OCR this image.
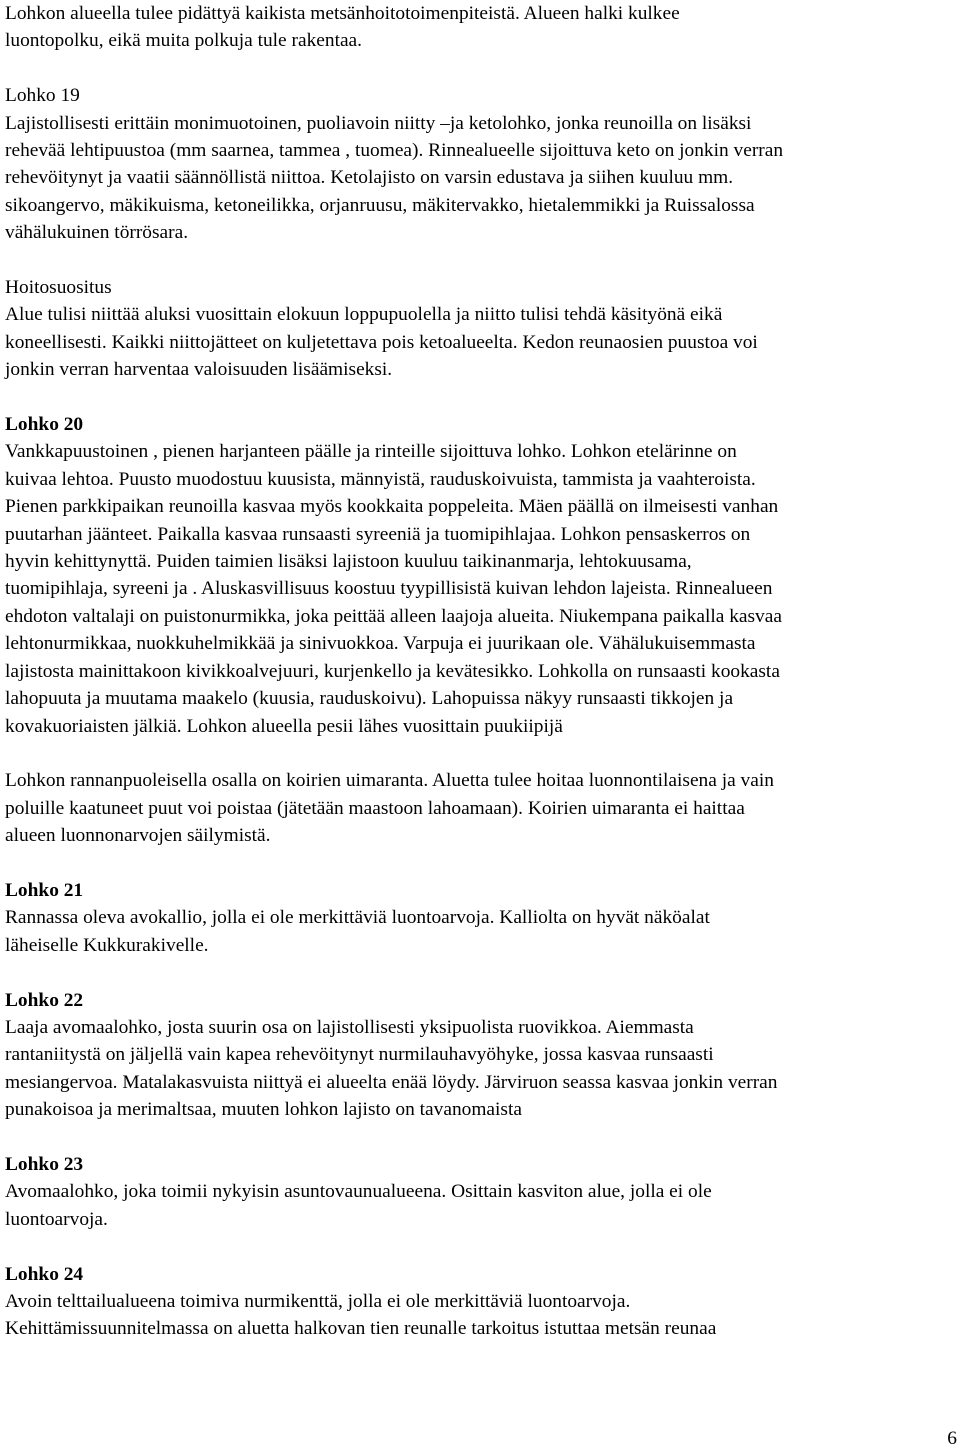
Lohkon alueella tulee pidättyä kaikista metsänhoitotoimenpiteistä. Alueen halki kulkee
luontopolku, eikä muita polkuja tule rakentaa.
Lohko 19
Lajistollisesti erittäin monimuotoinen, puoliavoin niitty –ja ketolohko, jonka reunoilla on lisäksi
rehevää lehtipuustoa (mm saarnea, tammea , tuomea). Rinnealueelle sijoittuva keto on jonkin verran
rehevöitynyt ja vaatii säännöllistä niittoa. Ketolajisto on varsin edustava ja siihen kuuluu mm.
sikoangervo, mäkikuisma, ketoneilikka, orjanruusu, mäkitervakko, hietalemmikki ja Ruissalossa
vähälukuinen törrösara.
Hoitosuositus
Alue tulisi niittää aluksi vuosittain elokuun loppupuolella ja niitto tulisi tehdä käsityönä eikä
koneellisesti. Kaikki niittojätteet on kuljetettava pois ketoalueelta. Kedon reunaosien puustoa voi
jonkin verran harventaa valoisuuden lisäämiseksi.
Lohko 20
Vankkapuustoinen , pienen harjanteen päälle ja rinteille sijoittuva lohko. Lohkon etelärinne on
kuivaa lehtoa. Puusto muodostuu kuusista, männyistä, rauduskoivuista, tammista ja vaahteroista.
Pienen parkkipaikan reunoilla kasvaa myös kookkaita poppeleita. Mäen päällä on ilmeisesti vanhan
puutarhan jäänteet. Paikalla kasvaa runsaasti syreeniä ja tuomipihlajaa. Lohkon pensaskerros on
hyvin kehittynyttä. Puiden taimien lisäksi lajistoon kuuluu taikinanmarja, lehtokuusama,
tuomipihlaja, syreeni ja . Aluskasvillisuus koostuu tyypillisistä kuivan lehdon lajeista. Rinnealueen
ehdoton valtalaji on puistonurmikka, joka peittää alleen laajoja alueita. Niukempana paikalla kasvaa
lehtonurmikkaa, nuokkuhelmikkää ja sinivuokkoa. Varpuja ei juurikaan ole. Vähälukuisemmasta
lajistosta mainittakoon kivikkoalvejuuri, kurjenkello ja kevätesikko. Lohkolla on runsaasti kookasta
lahopuuta ja muutama maakelo (kuusia, rauduskoivu). Lahopuissa näkyy runsaasti tikkojen ja
kovakuoriaisten jälkiä. Lohkon alueella pesii lähes vuosittain puukiipijä
Lohkon rannanpuoleisella osalla on koirien uimaranta. Aluetta tulee hoitaa luonnontilaisena ja vain
poluille kaatuneet puut voi poistaa (jätetään maastoon lahoamaan). Koirien uimaranta ei haittaa
alueen luonnonarvojen säilymistä.
Lohko 21
Rannassa oleva avokallio, jolla ei ole merkittäviä luontoarvoja. Kalliolta on hyvät näköalat
läheiselle Kukkurakivelle.
Lohko 22
Laaja avomaalohko, josta suurin osa on lajistollisesti yksipuolista ruovikkoa. Aiemmasta
rantaniitystä on jäljellä vain kapea rehevöitynyt nurmilauhavyöhyke, jossa kasvaa runsaasti
mesiangervoa. Matalakasvuista niittyä ei alueelta enää löydy. Järviruon seassa kasvaa jonkin verran
punakoisoa ja merimaltsaa, muuten lohkon lajisto on tavanomaista
Lohko 23
Avomaalohko, joka toimii nykyisin asuntovaunualueena. Osittain kasviton alue, jolla ei ole
luontoarvoja.
Lohko 24
Avoin telttailualueena toimiva nurmikenttä, jolla ei ole merkittäviä luontoarvoja.
Kehittämissuunnitelmassa on aluetta halkovan tien reunalle tarkoitus istuttaa metsän reunaa
6
